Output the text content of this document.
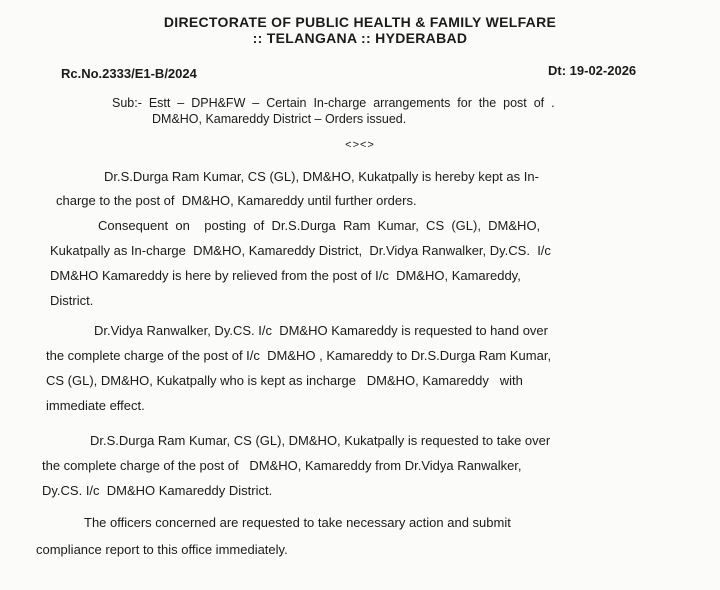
DIRECTORATE OF PUBLIC HEALTH & FAMILY WELFARE
:: TELANGANA :: HYDERABAD
Rc.No.2333/E1-B/2024	Dt: 19-02-2026
Sub:-  Estt  –  DPH&FW  –  Certain  In-charge  arrangements  for  the  post  of  .
DM&HO, Kamareddy District – Orders issued.
<><>

Dr.S.Durga Ram Kumar, CS (GL), DM&HO, Kukatpally is hereby kept as In-
charge to the post of  DM&HO, Kamareddy until further orders.

Consequent  on    posting  of  Dr.S.Durga  Ram  Kumar,  CS  (GL),  DM&HO,
Kukatpally as In-charge  DM&HO, Kamareddy District,  Dr.Vidya Ranwalker, Dy.CS.  I/c
DM&HO Kamareddy is here by relieved from the post of I/c  DM&HO, Kamareddy,
District.

Dr.Vidya Ranwalker, Dy.CS. I/c  DM&HO Kamareddy is requested to hand over
the complete charge of the post of I/c  DM&HO , Kamareddy to Dr.S.Durga Ram Kumar,
CS (GL), DM&HO, Kukatpally who is kept as incharge   DM&HO, Kamareddy   with
immediate effect.

Dr.S.Durga Ram Kumar, CS (GL), DM&HO, Kukatpally is requested to take over
the complete charge of the post of   DM&HO, Kamareddy from Dr.Vidya Ranwalker,
Dy.CS. I/c  DM&HO Kamareddy District.

The officers concerned are requested to take necessary action and submit
compliance report to this office immediately.
